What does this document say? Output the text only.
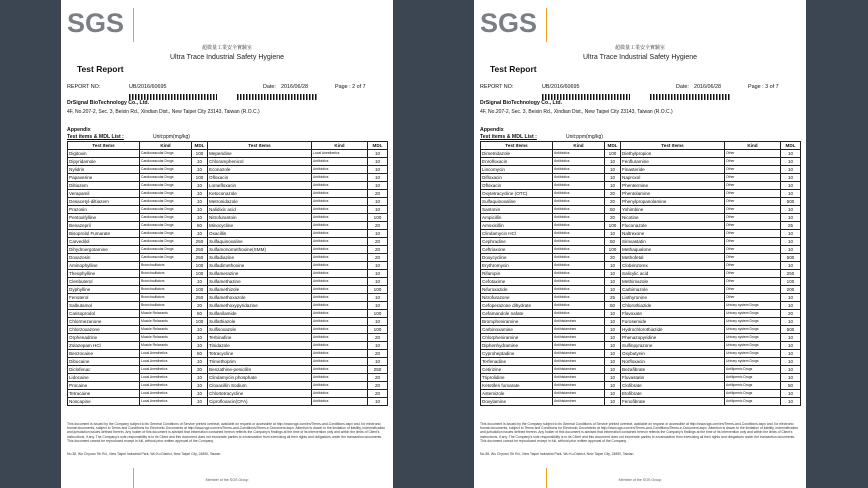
SGS
超微量工業安全實驗室
Ultra Trace Industrial Safety Hygiene
Test Report
REPORT NO:	UB/2016/60695	Date: 2016/06/28	Page : 2 of 7
DrSignal BioTechnology Co., Ltd.
4F, No.207-2, Sec. 3, Beixin Rd., Xindian Dist., New Taipei City 23143, Taiwan (R.O.C.)
Appendix
Test items & MDL List :	Unit:ppm(mg/kg)
Test Items	Kind	MDL	Test Items	Kind	MDL
Digitoxin	Cardiovascular Drugs	100	Meperidine	Local Anesthetics	10
Dipyridamole	Cardiovascular Drugs	10	Chloramphenicol	Antibiotics	10
Nylidrin	Cardiovascular Drugs	10	Econazole	Antibiotics	10
Papaverine	Cardiovascular Drugs	100	Ofloxacin	Antibiotics	10
Diltiazem	Cardiovascular Drugs	10	Lomefloxacin	Antibiotics	10
Verapamil	Cardiovascular Drugs	10	Ketoconazole	Antibiotics	20
Desacetyl-diltiazem	Cardiovascular Drugs	10	Metronidazole	Antibiotics	10
Prazosin	Cardiovascular Drugs	10	Nalidixic acid	Antibiotics	10
Pentoxifylline	Cardiovascular Drugs	10	Nitrofurantoin	Antibiotics	100
Benazepril	Cardiovascular Drugs	50	Minocycline	Antibiotics	20
Bisoprolol Fumarate	Cardiovascular Drugs	10	Oxacillin	Antibiotics	10
Carvedilol	Cardiovascular Drugs	250	Sulfaquinoxaline	Antibiotics	20
Dihydroergotamine	Cardiovascular Drugs	250	Sulfamonomethoxine(SMM)	Antibiotics	20
Doxazosin	Cardiovascular Drugs	250	Sulfadiazine	Antibiotics	20
Aminophylline	Bronchodilators	100	Sulfadimethoxine	Antibiotics	10
Theophylline	Bronchodilators	100	Sulfamerazine	Antibiotics	10
Clenbuterol	Bronchodilators	10	Sulfamethazine	Antibiotics	10
Dyphylline	Bronchodilators	100	Sulfamethizole	Antibiotics	100
Fenoterol	Bronchodilators	250	Sulfamethoxazole	Antibiotics	10
Salbutamol	Bronchodilators	20	Sulfamethoxypyridazine	Antibiotics	10
Carisoprodol	Muscle Relaxants	50	Sulfanilamide	Antibiotics	100
Chlormezanone	Muscle Relaxants	100	Sulfathiazole	Antibiotics	10
Chlorzoxazone	Muscle Relaxants	10	Sulfisoxazole	Antibiotics	100
Orphenadrine	Muscle Relaxants	10	Terbinafine	Antibiotics	20
Zolazepam HCl	Muscle Relaxants	10	Tinidazole	Antibiotics	10
Benzocaine	Local Anesthetics	50	Tetracycline	Antibiotics	20
Dibucaine	Local Anesthetics	10	Trimethoprim	Antibiotics	10
Diclofenac	Local Anesthetics	30	Benzathine-penicillin	Antibiotics	250
Lidocaine	Local Anesthetics	10	Clindamycin phosphate	Antibiotics	20
Procaine	Local Anesthetics	10	Cloxacillin Sodium	Antibiotics	20
Tetracaine	Local Anesthetics	10	Chlortetracycline	Antibiotics	20
Noscapine	Local Anesthetics	10	Ciprofloxacin(CFA)	Antibiotics	10
This document is issued by the Company subject to its General Conditions of Service printed overleaf, available on request or accessible at http://www.sgs.com/en/Terms-and-Conditions.aspx and, for electronic format documents, subject to Terms and Conditions for Electronic Documents at http://www.sgs.com/en/Terms-and-Conditions/Terms-e-Document.aspx. Attention is drawn to the limitation of liability, indemnification and jurisdiction issues defined therein. Any holder of this document is advised that information contained hereon reflects the Company's findings at the time of its intervention only and within the limits of Client's instructions, if any. The Company's sole responsibility is to its Client and this document does not exonerate parties to a transaction from exercising all their rights and obligations under the transaction documents. This document cannot be reproduced except in full, without prior written approval of the Company.
No.38, Wu Chyuan 7th Rd., New Taipei Industrial Park, Wu Ku District, New Taipei City, 24890, Taiwan
Member of the SGS Group
SGS
超微量工業安全實驗室
Ultra Trace Industrial Safety Hygiene
Test Report
REPORT NO:	UB/2016/60695	Date: 2016/06/28	Page : 3 of 7
DrSignal BioTechnology Co., Ltd.
4F, No.207-2, Sec. 3, Beixin Rd., Xindian Dist., New Taipei City 23143, Taiwan (R.O.C.)
Appendix
Test items & MDL List :	Unit:ppm(mg/kg)
Test Items	Kind	MDL	Test Items	Kind	MDL
Dimetridazole	Antibiotics	100	Diethylpropion	Other	10
Enrofloxacin	Antibiotics	10	Fenfluramine	Other	10
Lincomycin	Antibiotics	10	Finasteride	Other	10
Difloxacin	Antibiotics	10	Naproxol	Other	10
Ofloxacin	Antibiotics	10	Phentermine	Other	10
Oxytetracycline (OTC)	Antibiotics	20	Phentolamine	Other	10
Sulfaquinoxaline	Antibiotics	20	Phenylpropanolamine	Other	500
Santonin	Antibiotics	50	Yohimbine	Other	10
Ampicillin	Antibiotics	20	Nicotine	Other	10
Amoxicillin	Antibiotics	100	Fluconazole	Other	25
Clindamycin HCl	Antibiotics	10	Naltrexone	Other	10
Cephradine	Antibiotics	50	Simvastatin	Other	10
Ceftriaxone	Antibiotics	100	Methaqualone	Other	10
Doxycycline	Antibiotics	20	Methofetal	Other	500
Erythromycin	Antibiotics	10	Clobenzorex	Other	10
Rifampin	Antibiotics	10	Salicylic acid	Other	250
Cefotaxime	Antibiotics	10	Methimazole	Other	100
Nifuroxazide	Antibiotics	10	Carbimazole	Other	200
Nitrofurazone	Antibiotics	25	Liothyronine	Other	10
Cefoperazone dihydrate	Antibiotics	50	Chlorothiazide	Urinary system Drugs	10
Cefamandole nafate	Antibiotics	10	Flavoxate	Urinary system Drugs	20
Brompheniramine	Antihistamines	10	Furosemide	Urinary system Drugs	10
Carbinoxamine	Antihistamines	10	Hydrochlorothiazide	Urinary system Drugs	500
Chlorpheniramine	Antihistamines	10	Phenazopyridine	Urinary system Drugs	10
Diphenhydramine	Antihistamines	10	Sulfinpyrazone	Urinary system Drugs	10
Cyproheptadine	Antihistamines	10	Oxybutynin	Urinary system Drugs	10
Terfenadine	Antihistamines	10	Norfloxacin	Urinary system Drugs	10
Cetirizine	Antihistamines	10	Bezafibrate	Antilipemic Drugs	10
Triprolidine	Antihistamines	10	Fluvastatin	Antilipemic Drugs	10
Ketotifen fumarate	Antihistamines	10	Clofibrate	Antilipemic Drugs	50
Astemizole	Antihistamines	10	Etofibrate	Antilipemic Drugs	10
Doxylamine	Antihistamines	10	Fenofibrate	Antilipemic Drugs	10
This document is issued by the Company subject to its General Conditions of Service printed overleaf, available on request or accessible at http://www.sgs.com/en/Terms-and-Conditions.aspx and, for electronic format documents, subject to Terms and Conditions for Electronic Documents at http://www.sgs.com/en/Terms-and-Conditions/Terms-e-Document.aspx. Attention is drawn to the limitation of liability, indemnification and jurisdiction issues defined therein. Any holder of this document is advised that information contained hereon reflects the Company's findings at the time of its intervention only and within the limits of Client's instructions, if any. The Company's sole responsibility is to its Client and this document does not exonerate parties to a transaction from exercising all their rights and obligations under the transaction documents. This document cannot be reproduced except in full, without prior written approval of the Company.
No.38, Wu Chyuan 7th Rd., New Taipei Industrial Park, Wu Ku District, New Taipei City, 24890, Taiwan
Member of the SGS Group
